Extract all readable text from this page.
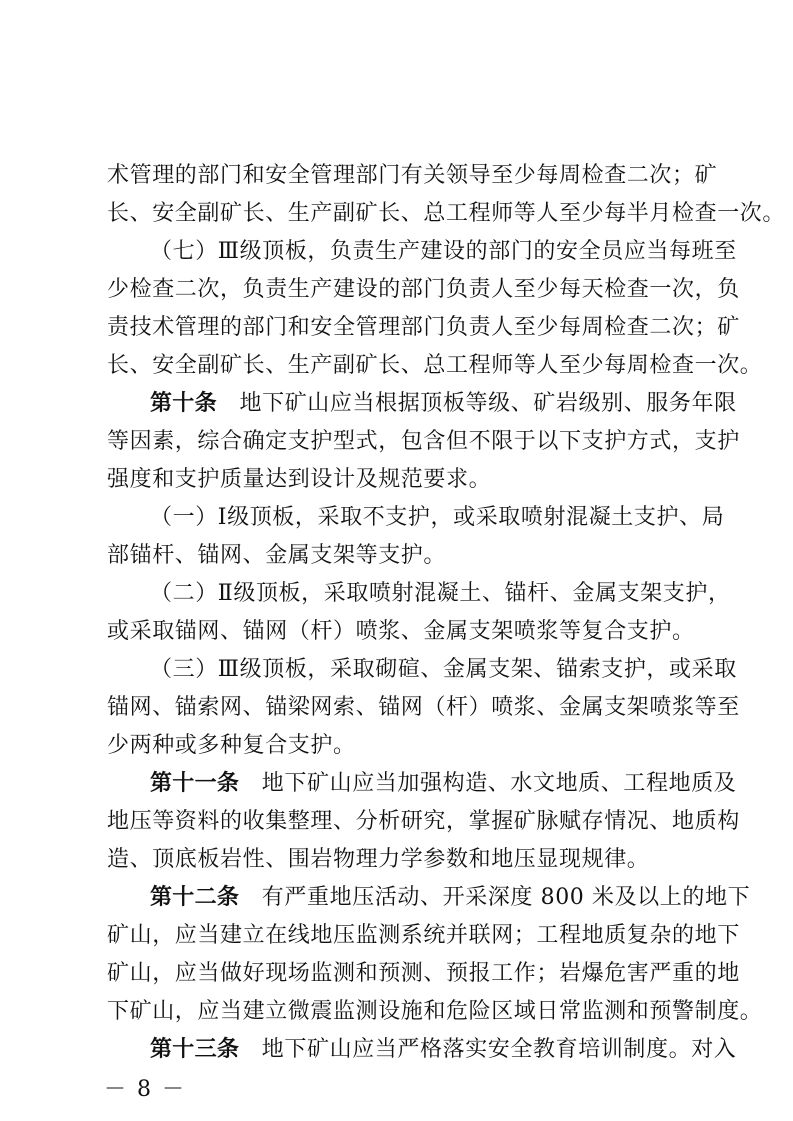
术管理的部门和安全管理部门有关领导至少每周检查二次；矿
长、安全副矿长、生产副矿长、总工程师等人至少每半月检查一次。
（七）Ⅲ级顶板，负责生产建设的部门的安全员应当每班至
少检查二次，负责生产建设的部门负责人至少每天检查一次，负
责技术管理的部门和安全管理部门负责人至少每周检查二次；矿
长、安全副矿长、生产副矿长、总工程师等人至少每周检查一次。
第十条　地下矿山应当根据顶板等级、矿岩级别、服务年限
等因素，综合确定支护型式，包含但不限于以下支护方式，支护
强度和支护质量达到设计及规范要求。
（一）Ⅰ级顶板，采取不支护，或采取喷射混凝土支护、局
部锚杆、锚网、金属支架等支护。
（二）Ⅱ级顶板，采取喷射混凝土、锚杆、金属支架支护，
或采取锚网、锚网（杆）喷浆、金属支架喷浆等复合支护。
（三）Ⅲ级顶板，采取砌碹、金属支架、锚索支护，或采取
锚网、锚索网、锚梁网索、锚网（杆）喷浆、金属支架喷浆等至
少两种或多种复合支护。
第十一条　地下矿山应当加强构造、水文地质、工程地质及
地压等资料的收集整理、分析研究，掌握矿脉赋存情况、地质构
造、顶底板岩性、围岩物理力学参数和地压显现规律。
第十二条　有严重地压活动、开采深度 800 米及以上的地下
矿山，应当建立在线地压监测系统并联网；工程地质复杂的地下
矿山，应当做好现场监测和预测、预报工作；岩爆危害严重的地
下矿山，应当建立微震监测设施和危险区域日常监测和预警制度。
第十三条　地下矿山应当严格落实安全教育培训制度。对入
－ 8 －
